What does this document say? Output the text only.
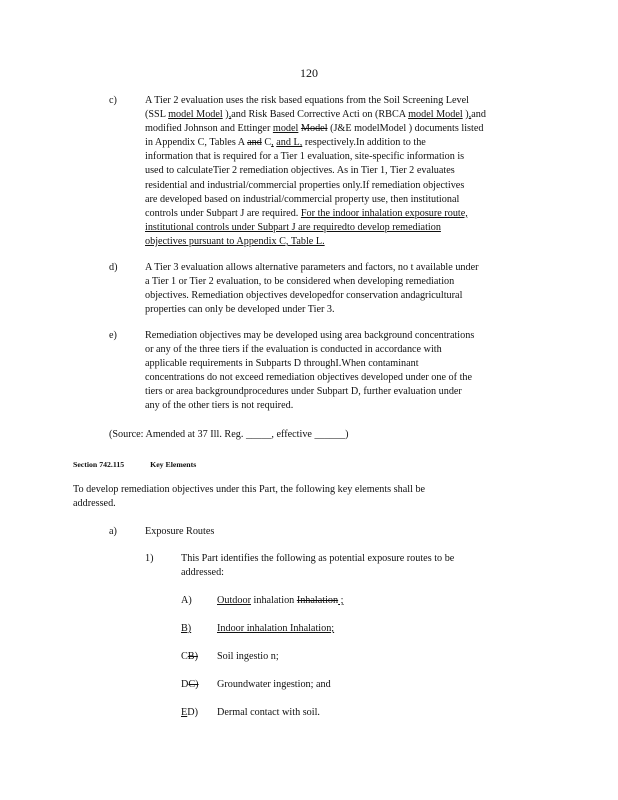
120
c)	A Tier 2 evaluation uses the risk based equations from the Soil Screening Level
(SSL model Model ),and Risk Based Corrective Acti on (RBCA model Model ),and
modified Johnson and Ettinger model Model (J&E modelModel ) documents listed
in Appendix C, Tables A and C, and L, respectively.In addition to the
information that is required for a Tier 1 evaluation, site-specific information is
used to calculateTier 2 remediation objectives. As in Tier 1, Tier 2 evaluates
residential and industrial/commercial properties only.If remediation objectives
are developed based on industrial/commercial property use, then institutional
controls under Subpart J are required. For the indoor inhalation exposure route,
institutional controls under Subpart J are requiredto develop remediation
objectives pursuant to Appendix C, Table L.
d)	A Tier 3 evaluation allows alternative parameters and factors, no t available under
a Tier 1 or Tier 2 evaluation, to be considered when developing remediation
objectives. Remediation objectives developedfor conservation andagricultural
properties can only be developed under Tier 3.
e)	Remediation objectives may be developed using area background concentrations
or any of the three tiers if the evaluation is conducted in accordance with
applicable requirements in Subparts D throughI.When contaminant
concentrations do not exceed remediation objectives developed under one of the
tiers or area backgroundprocedures under Subpart D, further evaluation under
any of the other tiers is not required.
(Source: Amended at 37 Ill. Reg. _____, effective ______)
Section 742.115	Key Elements
To develop remediation objectives under this Part, the following key elements shall be
addressed.
a)	Exposure Routes
1)	This Part identifies the following as potential exposure routes to be
addressed:
A) Outdoor inhalation Inhalation ;
B)	Indoor inhalation Inhalation;
CB) Soil ingestio n;
DC) Groundwater ingestion; and
ED) Dermal contact with soil.
